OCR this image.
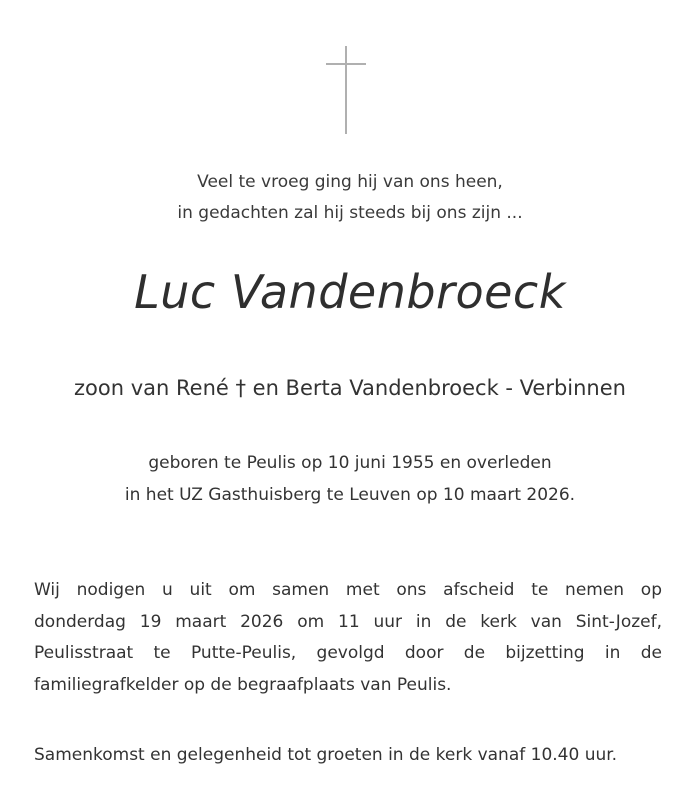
Veel te vroeg ging hij van ons heen,
in gedachten zal hij steeds bij ons zijn ...
Luc Vandenbroeck
zoon van René † en Berta Vandenbroeck - Verbinnen
geboren te Peulis op 10 juni 1955 en overleden
in het UZ Gasthuisberg te Leuven op 10 maart 2026.
Wij nodigen u uit om samen met ons afscheid te nemen op
donderdag 19 maart 2026 om 11 uur in de kerk van Sint-Jozef,
Peulisstraat te Putte-Peulis, gevolgd door de bijzetting in de
familiegrafkelder op de begraafplaats van Peulis.
Samenkomst en gelegenheid tot groeten in de kerk vanaf 10.40 uur.
